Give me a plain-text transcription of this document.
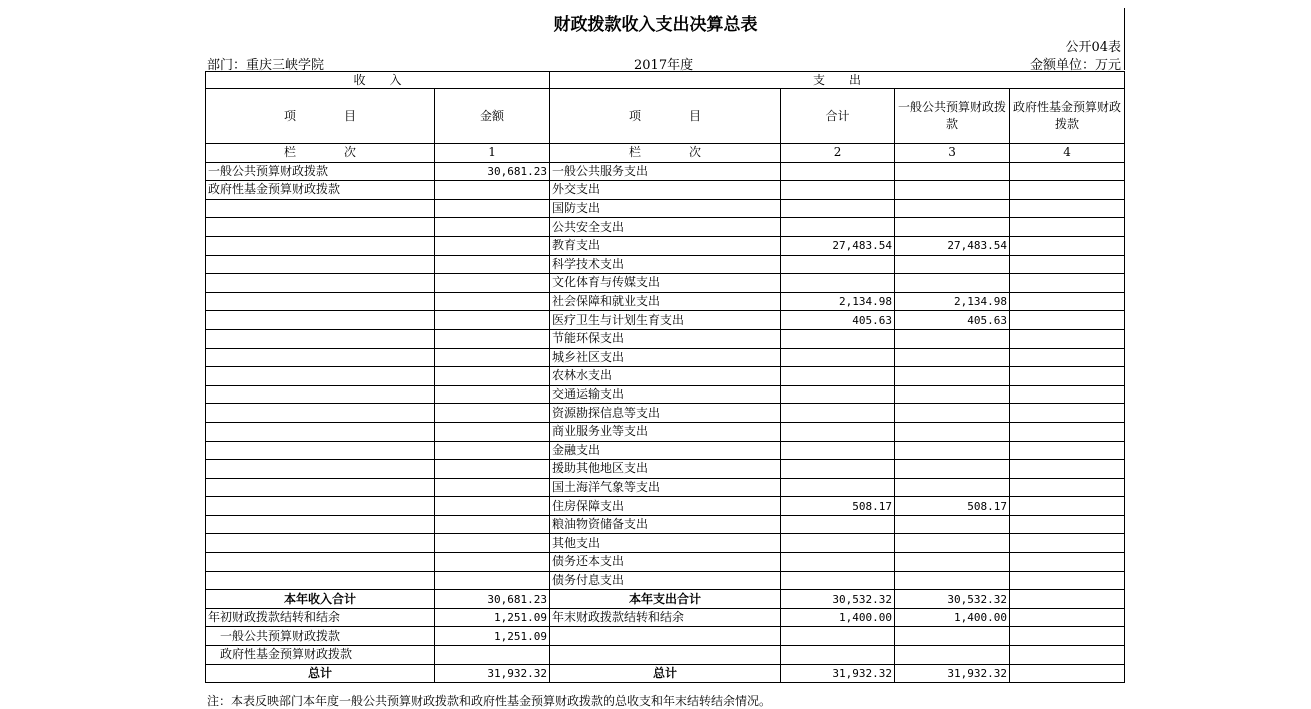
财政拨款收入支出决算总表
公开04表
部门：重庆三峡学院	2017年度	金额单位：万元
收　　入		支　　出			
项　　　　目	金额	项　　　　目	合计	一般公共预算财政拨款	政府性基金预算财政拨款
栏　　　　次	1	栏　　　　次	2	3	4
一般公共预算财政拨款	30,681.23	一般公共服务支出			
政府性基金预算财政拨款		外交支出			
		国防支出			
		公共安全支出			
		教育支出	27,483.54	27,483.54	
		科学技术支出			
		文化体育与传媒支出			
		社会保障和就业支出	2,134.98	2,134.98	
		医疗卫生与计划生育支出	405.63	405.63	
		节能环保支出			
		城乡社区支出			
		农林水支出			
		交通运输支出			
		资源勘探信息等支出			
		商业服务业等支出			
		金融支出			
		援助其他地区支出			
		国土海洋气象等支出			
		住房保障支出	508.17	508.17	
		粮油物资储备支出			
		其他支出			
		债务还本支出			
		债务付息支出			
本年收入合计	30,681.23	本年支出合计	30,532.32	30,532.32	
年初财政拨款结转和结余	1,251.09	年末财政拨款结转和结余	1,400.00	1,400.00	
一般公共预算财政拨款	1,251.09				
政府性基金预算财政拨款					
总计	31,932.32	总计	31,932.32	31,932.32	
注：本表反映部门本年度一般公共预算财政拨款和政府性基金预算财政拨款的总收支和年末结转结余情况。
